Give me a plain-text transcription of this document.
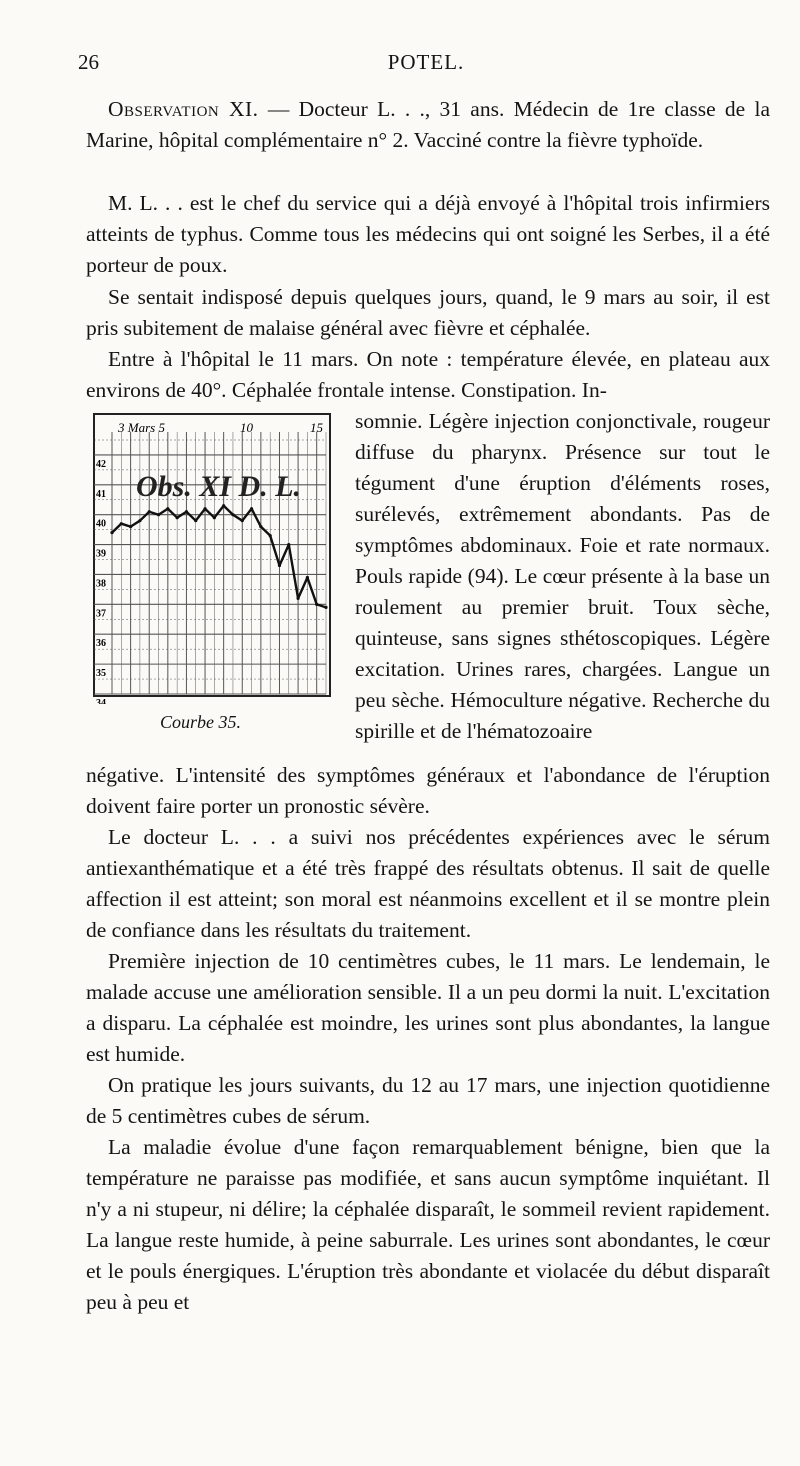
26	POTEL.

Observation XI. — Docteur L. . ., 31 ans. Médecin de 1re classe de la Marine, hôpital complémentaire n° 2. Vacciné contre la fièvre typhoïde.

M. L. . . est le chef du service qui a déjà envoyé à l'hôpital trois infirmiers atteints de typhus. Comme tous les médecins qui ont soigné les Serbes, il a été porteur de poux.

Se sentait indisposé depuis quelques jours, quand, le 9 mars au soir, il est pris subitement de malaise général avec fièvre et céphalée.

Entre à l'hôpital le 11 mars. On note : température élevée, en plateau aux environs de 40°. Céphalée frontale intense. Constipation. In-

somnie. Légère injection conjonctivale, rougeur diffuse du pharynx. Présence sur tout le tégument d'une éruption d'éléments roses, surélevés, extrêmement abondants. Pas de symptômes abdominaux. Foie et rate normaux. Pouls rapide (94). Le cœur présente à la base un roulement au premier bruit. Toux sèche, quinteuse, sans signes sthétoscopiques. Légère excitation. Urines rares, chargées. Langue un peu sèche. Hémoculture négative. Recherche du spirille et de l'hématozoaire

42
41
40
39
38
37
36
35
34
3 Mars 5	10	15
Obs. XI D. L.
Courbe 35.

négative. L'intensité des symptômes généraux et l'abondance de l'éruption doivent faire porter un pronostic sévère.

Le docteur L. . . a suivi nos précédentes expériences avec le sérum antiexanthématique et a été très frappé des résultats obtenus. Il sait de quelle affection il est atteint; son moral est néanmoins excellent et il se montre plein de confiance dans les résultats du traitement.

Première injection de 10 centimètres cubes, le 11 mars. Le lendemain, le malade accuse une amélioration sensible. Il a un peu dormi la nuit. L'excitation a disparu. La céphalée est moindre, les urines sont plus abondantes, la langue est humide.

On pratique les jours suivants, du 12 au 17 mars, une injection quotidienne de 5 centimètres cubes de sérum.

La maladie évolue d'une façon remarquablement bénigne, bien que la température ne paraisse pas modifiée, et sans aucun symptôme inquiétant. Il n'y a ni stupeur, ni délire; la céphalée disparaît, le sommeil revient rapidement. La langue reste humide, à peine saburrale. Les urines sont abondantes, le cœur et le pouls énergiques. L'éruption très abondante et violacée du début disparaît peu à peu et
